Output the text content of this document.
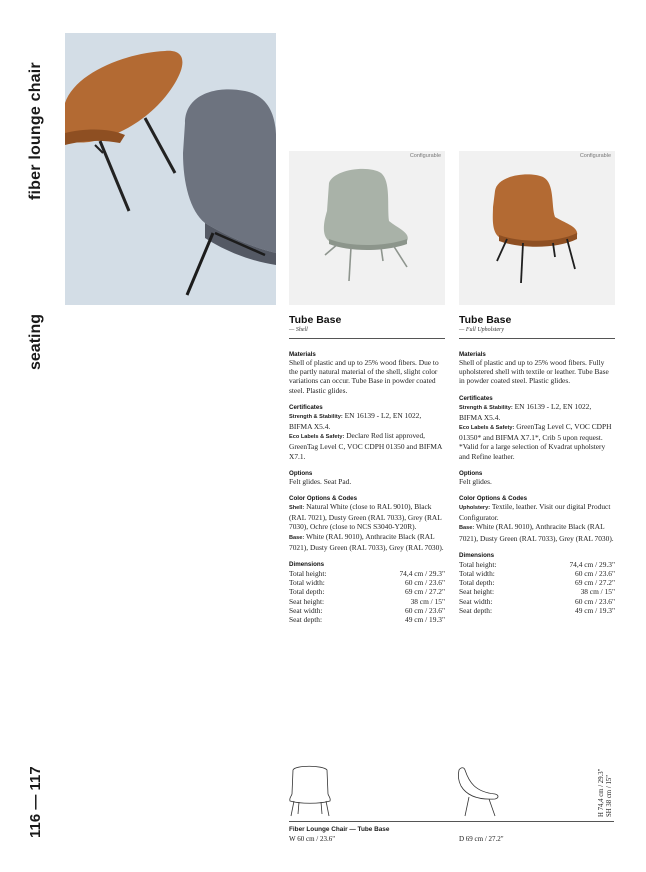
fiber lounge chair
seating
116 — 117
Configurable
Tube Base
— Shell
Materials
Shell of plastic and up to 25% wood fibers. Due to the partly natural material of the shell, slight color variations can occur. Tube Base in powder coated steel. Plastic glides.
Certificates
Strength & Stability: EN 16139 - L2, EN 1022, BIFMA X5.4.
Eco Labels & Safety: Declare Red list approved, GreenTag Level C, VOC CDPH 01350 and BIFMA X7.1.
Options
Felt glides. Seat Pad.
Color Options & Codes
Shell: Natural White (close to RAL 9010), Black (RAL 7021), Dusty Green (RAL 7033), Grey (RAL 7030), Ochre (close to NCS S3040-Y20R).
Base: White (RAL 9010), Anthracite Black (RAL 7021), Dusty Green (RAL 7033), Grey (RAL 7030).
Dimensions
Total height:	74,4 cm / 29.3"
Total width:	60 cm / 23.6"
Total depth:	69 cm / 27.2"
Seat height:	38 cm / 15"
Seat width:	60 cm / 23.6"
Seat depth:	49 cm / 19.3"
Configurable
Tube Base
— Full Upholstery
Materials
Shell of plastic and up to 25% wood fibers. Fully upholstered shell with textile or leather. Tube Base in powder coated steel. Plastic glides.
Certificates
Strength & Stability: EN 16139 - L2, EN 1022, BIFMA X5.4.
Eco Labels & Safety: GreenTag Level C, VOC CDPH 01350* and BIFMA X7.1*, Crib 5 upon request. *Valid for a large selection of Kvadrat upholstery and Refine leather.
Options
Felt glides.
Color Options & Codes
Upholstery: Textile, leather. Visit our digital Product Configurator.
Base: White (RAL 9010), Anthracite Black (RAL 7021), Dusty Green (RAL 7033), Grey (RAL 7030).
Dimensions
Total height:	74,4 cm / 29.3"
Total width:	60 cm / 23.6"
Total depth:	69 cm / 27.2"
Seat height:	38 cm / 15"
Seat width:	60 cm / 23.6"
Seat depth:	49 cm / 19.3"
Fiber Lounge Chair — Tube Base
W 60 cm / 23.6"	D 69 cm / 27.2"
H 74,4 cm / 29.3" SH 38 cm / 15"
